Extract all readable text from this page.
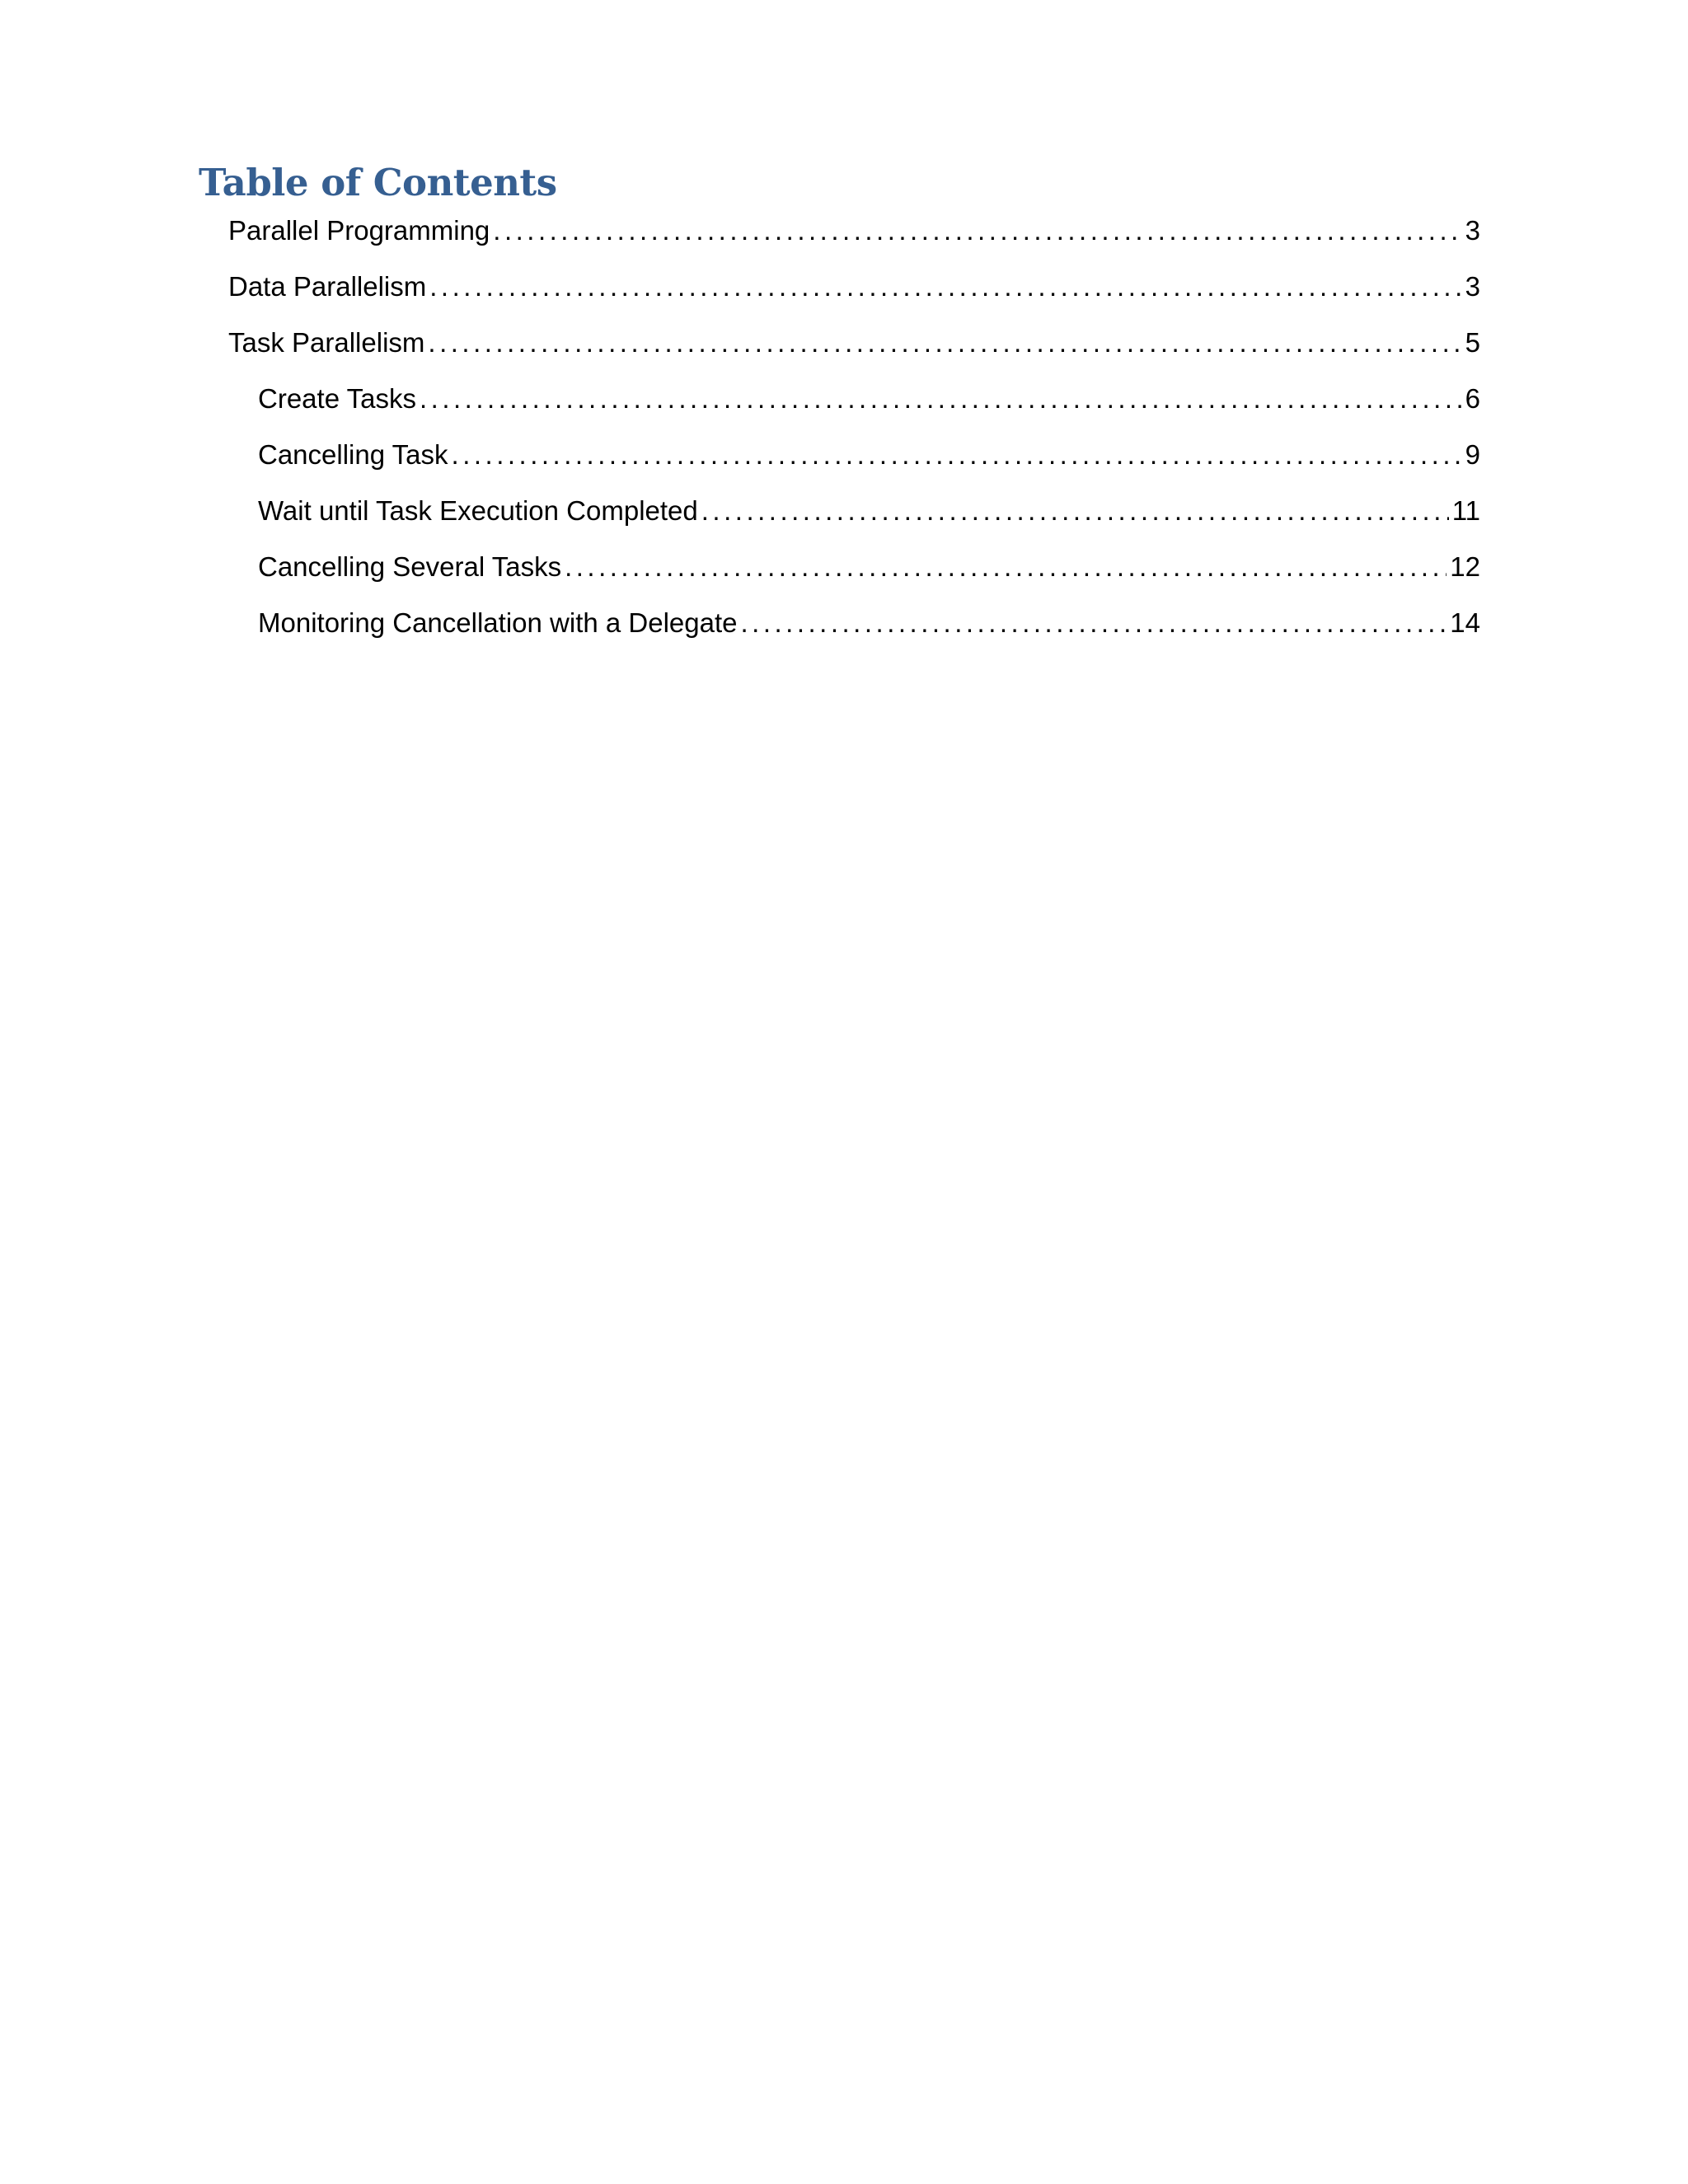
Table of Contents
Parallel Programming .....	3
Data Parallelism .....	3
Task Parallelism .....	5
Create Tasks .....	6
Cancelling Task .....	9
Wait until Task Execution Completed .....	11
Cancelling Several Tasks .....	12
Monitoring Cancellation with a Delegate .....	14
